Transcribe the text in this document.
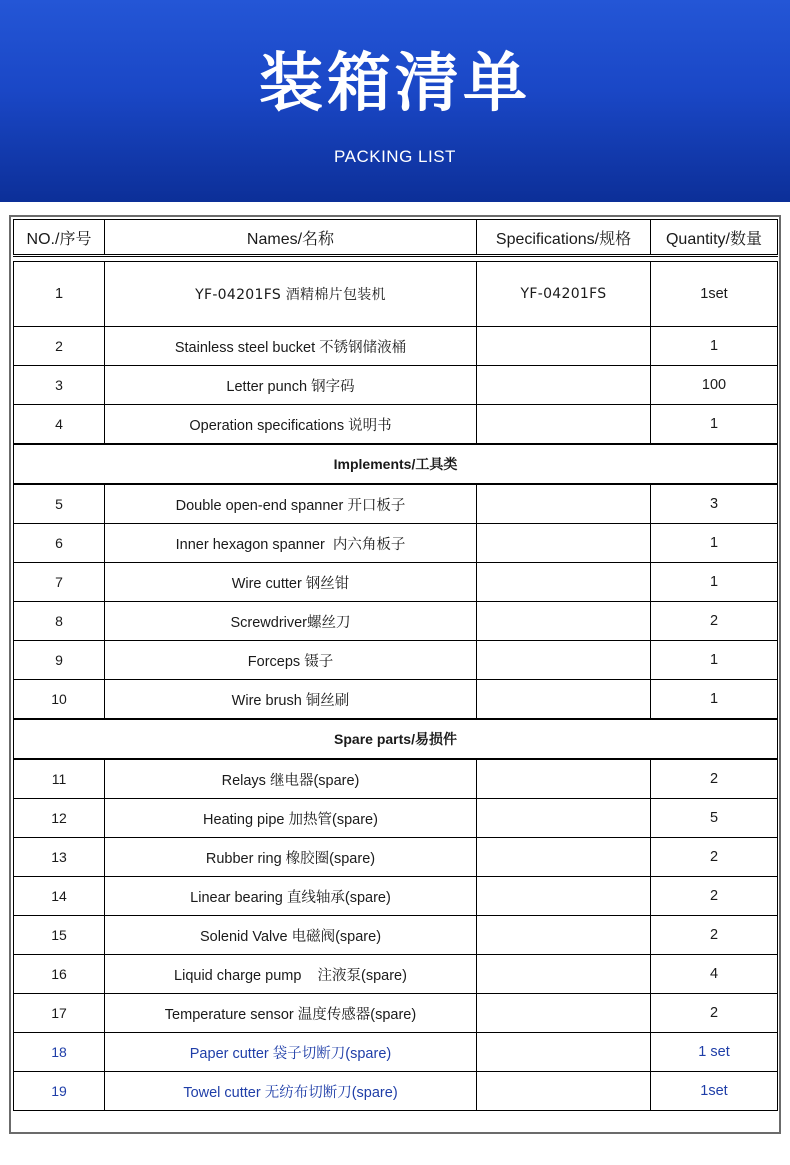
装箱清单
PACKING LIST
NO./序号	Names/名称	Specifications/规格	Quantity/数量

1	YF-04201FS 酒精棉片包装机	YF-04201FS	1set
2	Stainless steel bucket 不锈钢储液桶		1
3	Letter punch 钢字码		100
4	Operation specifications 说明书		1
Implements/工具类			
5	Double open-end spanner 开口板子		3
6	Inner hexagon spanner  内六角板子		1
7	Wire cutter 钢丝钳		1
8	Screwdriver螺丝刀		2
9	Forceps 镊子		1
10	Wire brush 铜丝刷		1
Spare parts/易损件			
11	Relays 继电器(spare)		2
12	Heating pipe 加热管(spare)		5
13	Rubber ring 橡胶圈(spare)		2
14	Linear bearing 直线轴承(spare)		2
15	Solenid Valve 电磁阀(spare)		2
16	Liquid charge pump    注液泵(spare)		4
17	Temperature sensor 温度传感器(spare)		2
18	Paper cutter 袋子切断刀(spare)		1 set
19	Towel cutter 无纺布切断刀(spare)		1set
